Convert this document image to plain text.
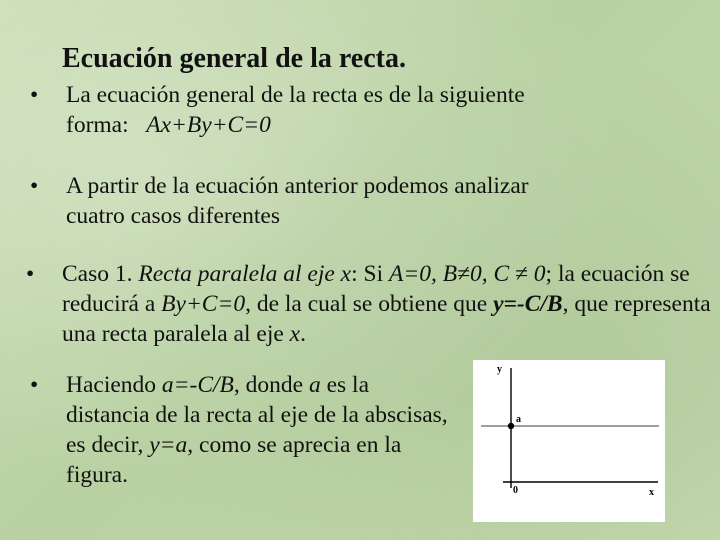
Ecuación general de la recta.
•	La ecuación general de la recta es de la siguiente
forma:   Ax+By+C=0
•	A partir de la ecuación anterior podemos analizar
cuatro casos diferentes
•	Caso 1. Recta paralela al eje x: Si A=0, B≠0, C ≠ 0; la ecuación se reducirá a By+C=0, de la cual se obtiene que y=-C/B, que representa una recta paralela al eje x.
•	Haciendo a=-C/B, donde a es la distancia de la recta al eje de la abscisas, es decir, y=a, como se aprecia en la figura.
y
x
0
a
